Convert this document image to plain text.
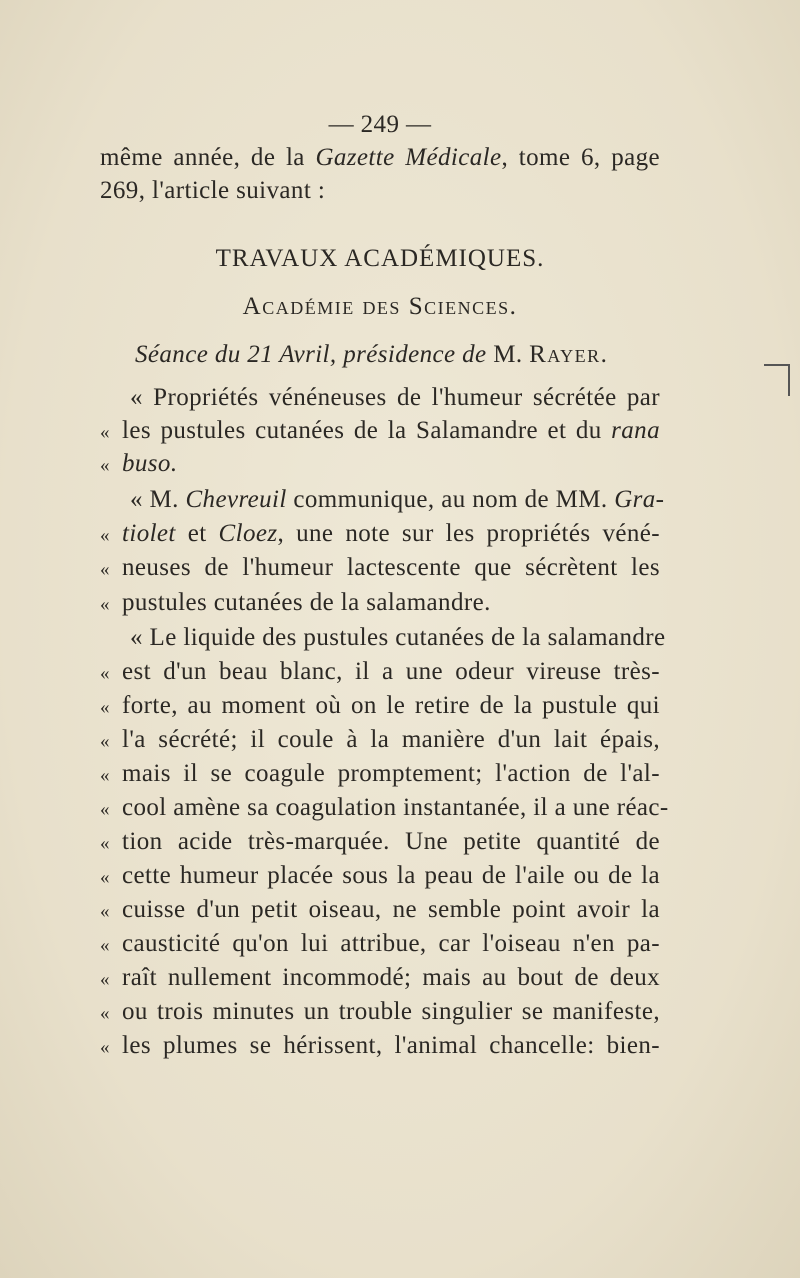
— 249 —
même année, de la Gazette Médicale, tome 6, page
269, l'article suivant :
TRAVAUX ACADÉMIQUES.
Académie des Sciences.
Séance du 21 Avril, présidence de M. Rayer.
« Propriétés vénéneuses de l'humeur sécrétée par
« les pustules cutanées de la Salamandre et du rana
« buso.
« M. Chevreuil communique, au nom de MM. Gra-
« tiolet et Cloez, une note sur les propriétés véné-
« neuses de l'humeur lactescente que sécrètent les
« pustules cutanées de la salamandre.
« Le liquide des pustules cutanées de la salamandre
« est d'un beau blanc, il a une odeur vireuse très-
« forte, au moment où on le retire de la pustule qui
« l'a sécrété; il coule à la manière d'un lait épais,
« mais il se coagule promptement; l'action de l'al-
« cool amène sa coagulation instantanée, il a une réac-
« tion acide très-marquée. Une petite quantité de
« cette humeur placée sous la peau de l'aile ou de la
« cuisse d'un petit oiseau, ne semble point avoir la
« causticité qu'on lui attribue, car l'oiseau n'en pa-
« raît nullement incommodé; mais au bout de deux
« ou trois minutes un trouble singulier se manifeste,
« les plumes se hérissent, l'animal chancelle: bien-
